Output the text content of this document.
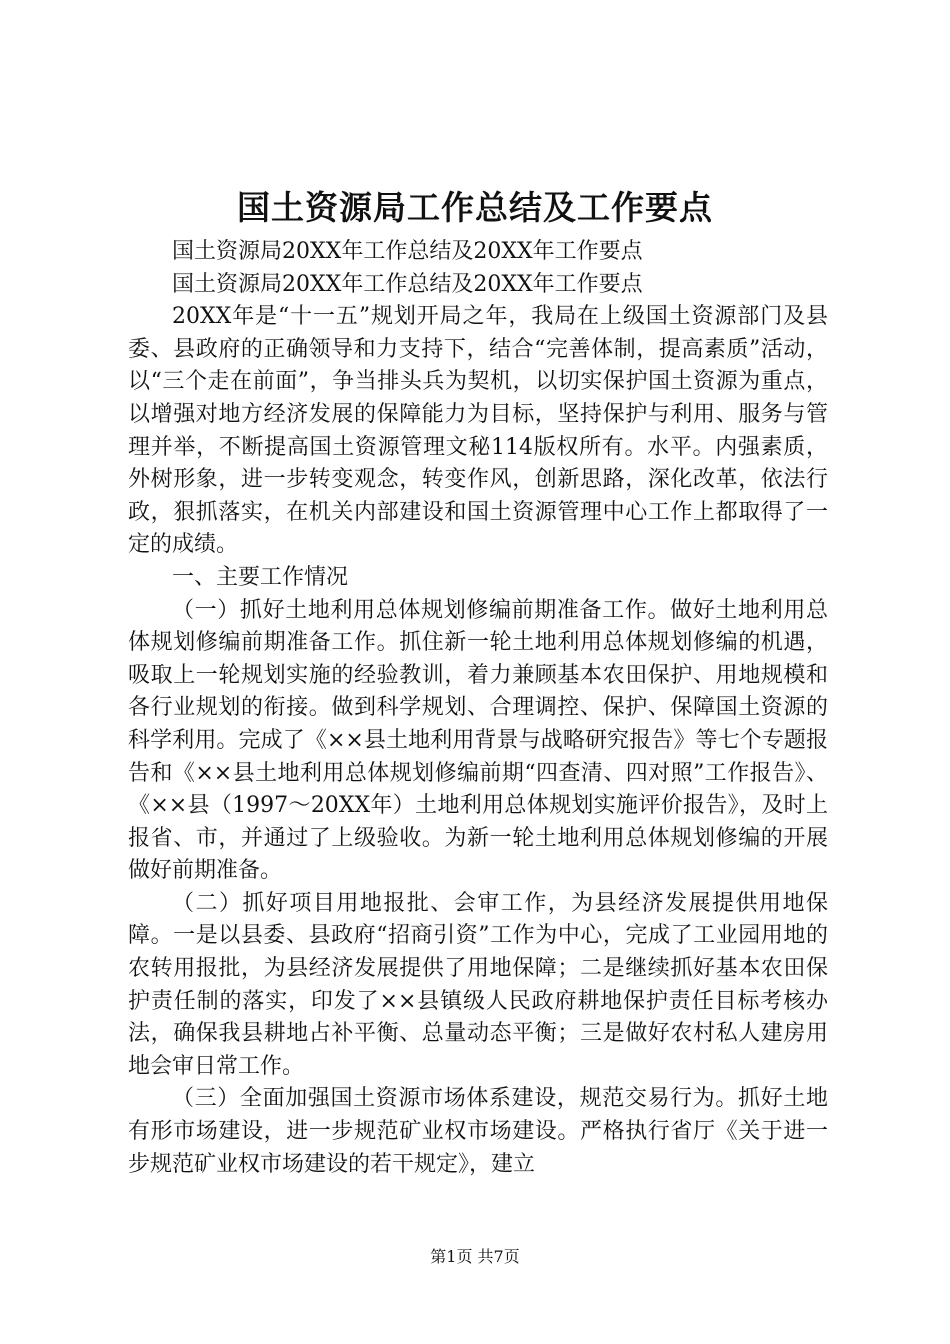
国土资源局工作总结及工作要点

国土资源局20XX年工作总结及20XX年工作要点

国土资源局20XX年工作总结及20XX年工作要点

20XX年是“十一五”规划开局之年，我局在上级国土资源部门及县委、县政府的正确领导和力支持下，结合“完善体制，提高素质”活动，以“三个走在前面”，争当排头兵为契机，以切实保护国土资源为重点，以增强对地方经济发展的保障能力为目标，坚持保护与利用、服务与管理并举，不断提高国土资源管理文秘114版权所有。水平。内强素质，外树形象，进一步转变观念，转变作风，创新思路，深化改革，依法行政，狠抓落实，在机关内部建设和国土资源管理中心工作上都取得了一定的成绩。

一、主要工作情况

（一）抓好土地利用总体规划修编前期准备工作。做好土地利用总体规划修编前期准备工作。抓住新一轮土地利用总体规划修编的机遇，吸取上一轮规划实施的经验教训，着力兼顾基本农田保护、用地规模和各行业规划的衔接。做到科学规划、合理调控、保护、保障国土资源的科学利用。完成了《××县土地利用背景与战略研究报告》等七个专题报告和《××县土地利用总体规划修编前期“四查清、四对照”工作报告》、《××县（1997～20XX年）土地利用总体规划实施评价报告》，及时上报省、市，并通过了上级验收。为新一轮土地利用总体规划修编的开展做好前期准备。

（二）抓好项目用地报批、会审工作，为县经济发展提供用地保障。一是以县委、县政府“招商引资”工作为中心，完成了工业园用地的农转用报批，为县经济发展提供了用地保障；二是继续抓好基本农田保护责任制的落实，印发了××县镇级人民政府耕地保护责任目标考核办法，确保我县耕地占补平衡、总量动态平衡；三是做好农村私人建房用地会审日常工作。

（三）全面加强国土资源市场体系建设，规范交易行为。抓好土地有形市场建设，进一步规范矿业权市场建设。严格执行省厅《关于进一步规范矿业权市场建设的若干规定》，建立

第1页 共7页
